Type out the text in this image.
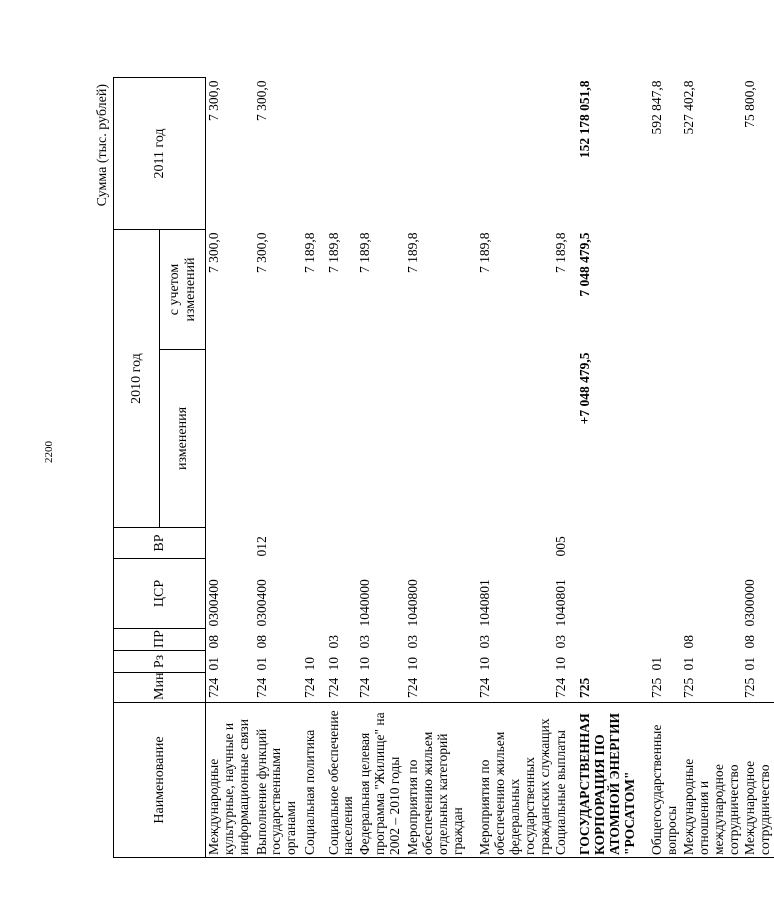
2200
Сумма (тыс. рублей)
Наименование	Мин	Рз	ПР	ЦСР	ВР	2010 год		2011 год
						изменения	с учетом изменений	
Международные культурные, научные и информационные связи	724	01	08	0300400			7 300,0	7 300,0
Выполнение функций государственными органами	724	01	08	0300400	012		7 300,0	7 300,0
Социальная политика	724	10					7 189,8	
Социальное обеспечение населения	724	10	03				7 189,8	
Федеральная целевая программа "Жилище" на 2002 – 2010 годы	724	10	03	1040000			7 189,8	
Мероприятия по обеспечению жильем отдельных категорий граждан	724	10	03	1040800			7 189,8	
Мероприятия по обеспечению жильем федеральных государственных гражданских служащих	724	10	03	1040801			7 189,8	
Социальные выплаты	724	10	03	1040801	005		7 189,8	
ГОСУДАРСТВЕННАЯ КОРПОРАЦИЯ ПО АТОМНОЙ ЭНЕРГИИ "РОСАТОМ"	725					+7 048 479,5	7 048 479,5	152 178 051,8
Общегосударственные вопросы	725	01						592 847,8
Международные отношения и международное сотрудничество	725	01	08					527 402,8
Международное сотрудничество	725	01	08	0300000				75 800,0
